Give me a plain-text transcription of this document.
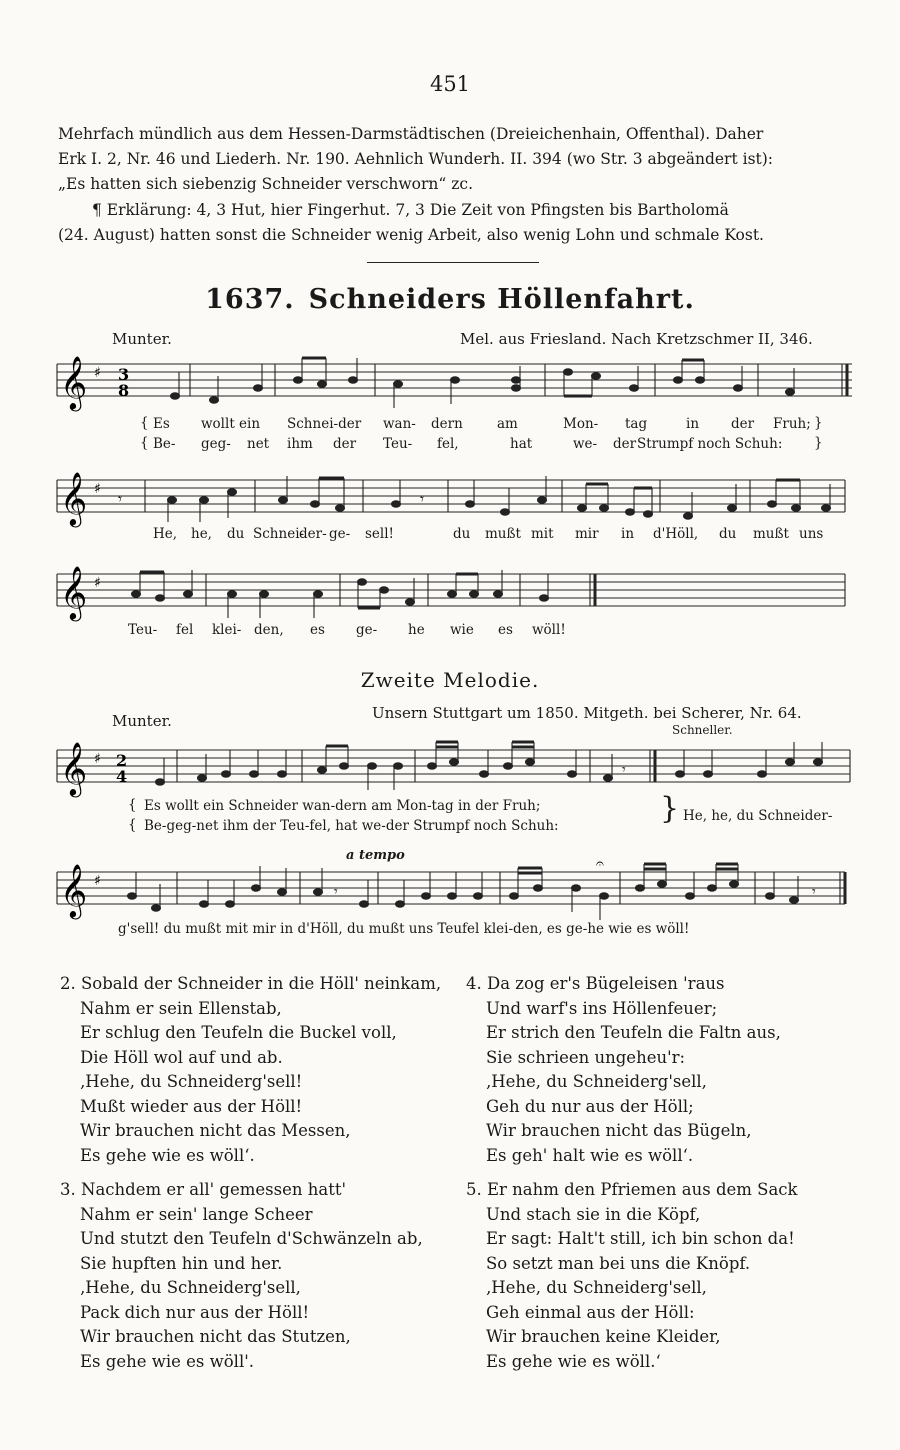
451
Mehrfach mündlich aus dem Hessen-Darmstädtischen (Dreieichenhain, Offenthal). Daher
Erk I. 2, Nr. 46 und Liederh. Nr. 190. Aehnlich Wunderh. II. 394 (wo Str. 3 abgeändert ist):
„Es hatten sich siebenzig Schneider verschworn“ zc.
¶ Erklärung: 4, 3 Hut, hier Fingerhut. 7, 3 Die Zeit von Pfingsten bis Bartholomä
(24. August) hatten sonst die Schneider wenig Arbeit, also wenig Lohn und schmale Kost.
1637. Schneiders Höllenfahrt.
Munter.	Mel. aus Friesland. Nach Kretzschmer II, 346.
𝄞 ♯ 3
8
{
{
Es wollt ein Schnei-der wan- dern	am	Mon- tag	in der Fruh;
Be- geg- net ihm der Teu- fel,	hat	we- der Strumpf noch Schuh:
}
}
𝄞 ♯
𝄾	𝄾
He, he, du Schnei-
der- ge- sell!	du mußt mit mir in d'Höll, du mußt uns
𝄞 ♯
Teu- fel klei- den, es ge- he wie es wöll!
Zweite Melodie.
Munter.	Unsern Stuttgart um 1850. Mitgeth. bei Scherer, Nr. 64.
Schneller.
𝄞 ♯ 2
4	𝄾
{
{
Es wollt ein Schneider wan-dern am Mon-tag in der Fruh;
Be-geg-net ihm der Teu-fel, hat we-der Strumpf noch Schuh:	} He, he, du Schneider-
a tempo
𝄞 ♯
𝄾	𝄾
𝄐
g'sell! du mußt mit mir in d'Höll, du mußt uns Teufel klei-den, es ge-he wie es wöll!
2. Sobald der Schneider in die Höll' neinkam,
Nahm er sein Ellenstab,
Er schlug den Teufeln die Buckel voll,
Die Höll wol auf und ab.
‚Hehe, du Schneiderg'sell!
Mußt wieder aus der Höll!
Wir brauchen nicht das Messen,
Es gehe wie es wöll‘.
3. Nachdem er all' gemessen hatt'
Nahm er sein' lange Scheer
Und stutzt den Teufeln d'Schwänzeln ab,
Sie hupften hin und her.
‚Hehe, du Schneiderg'sell,
Pack dich nur aus der Höll!
Wir brauchen nicht das Stutzen,
Es gehe wie es wöll'.
4. Da zog er's Bügeleisen 'raus
Und warf's ins Höllenfeuer;
Er strich den Teufeln die Faltn aus,
Sie schrieen ungeheu'r:
‚Hehe, du Schneiderg'sell,
Geh du nur aus der Höll;
Wir brauchen nicht das Bügeln,
Es geh' halt wie es wöll‘.
5. Er nahm den Pfriemen aus dem Sack
Und stach sie in die Köpf,
Er sagt: Halt't still, ich bin schon da!
So setzt man bei uns die Knöpf.
‚Hehe, du Schneiderg'sell,
Geh einmal aus der Höll:
Wir brauchen keine Kleider,
Es gehe wie es wöll.‘
